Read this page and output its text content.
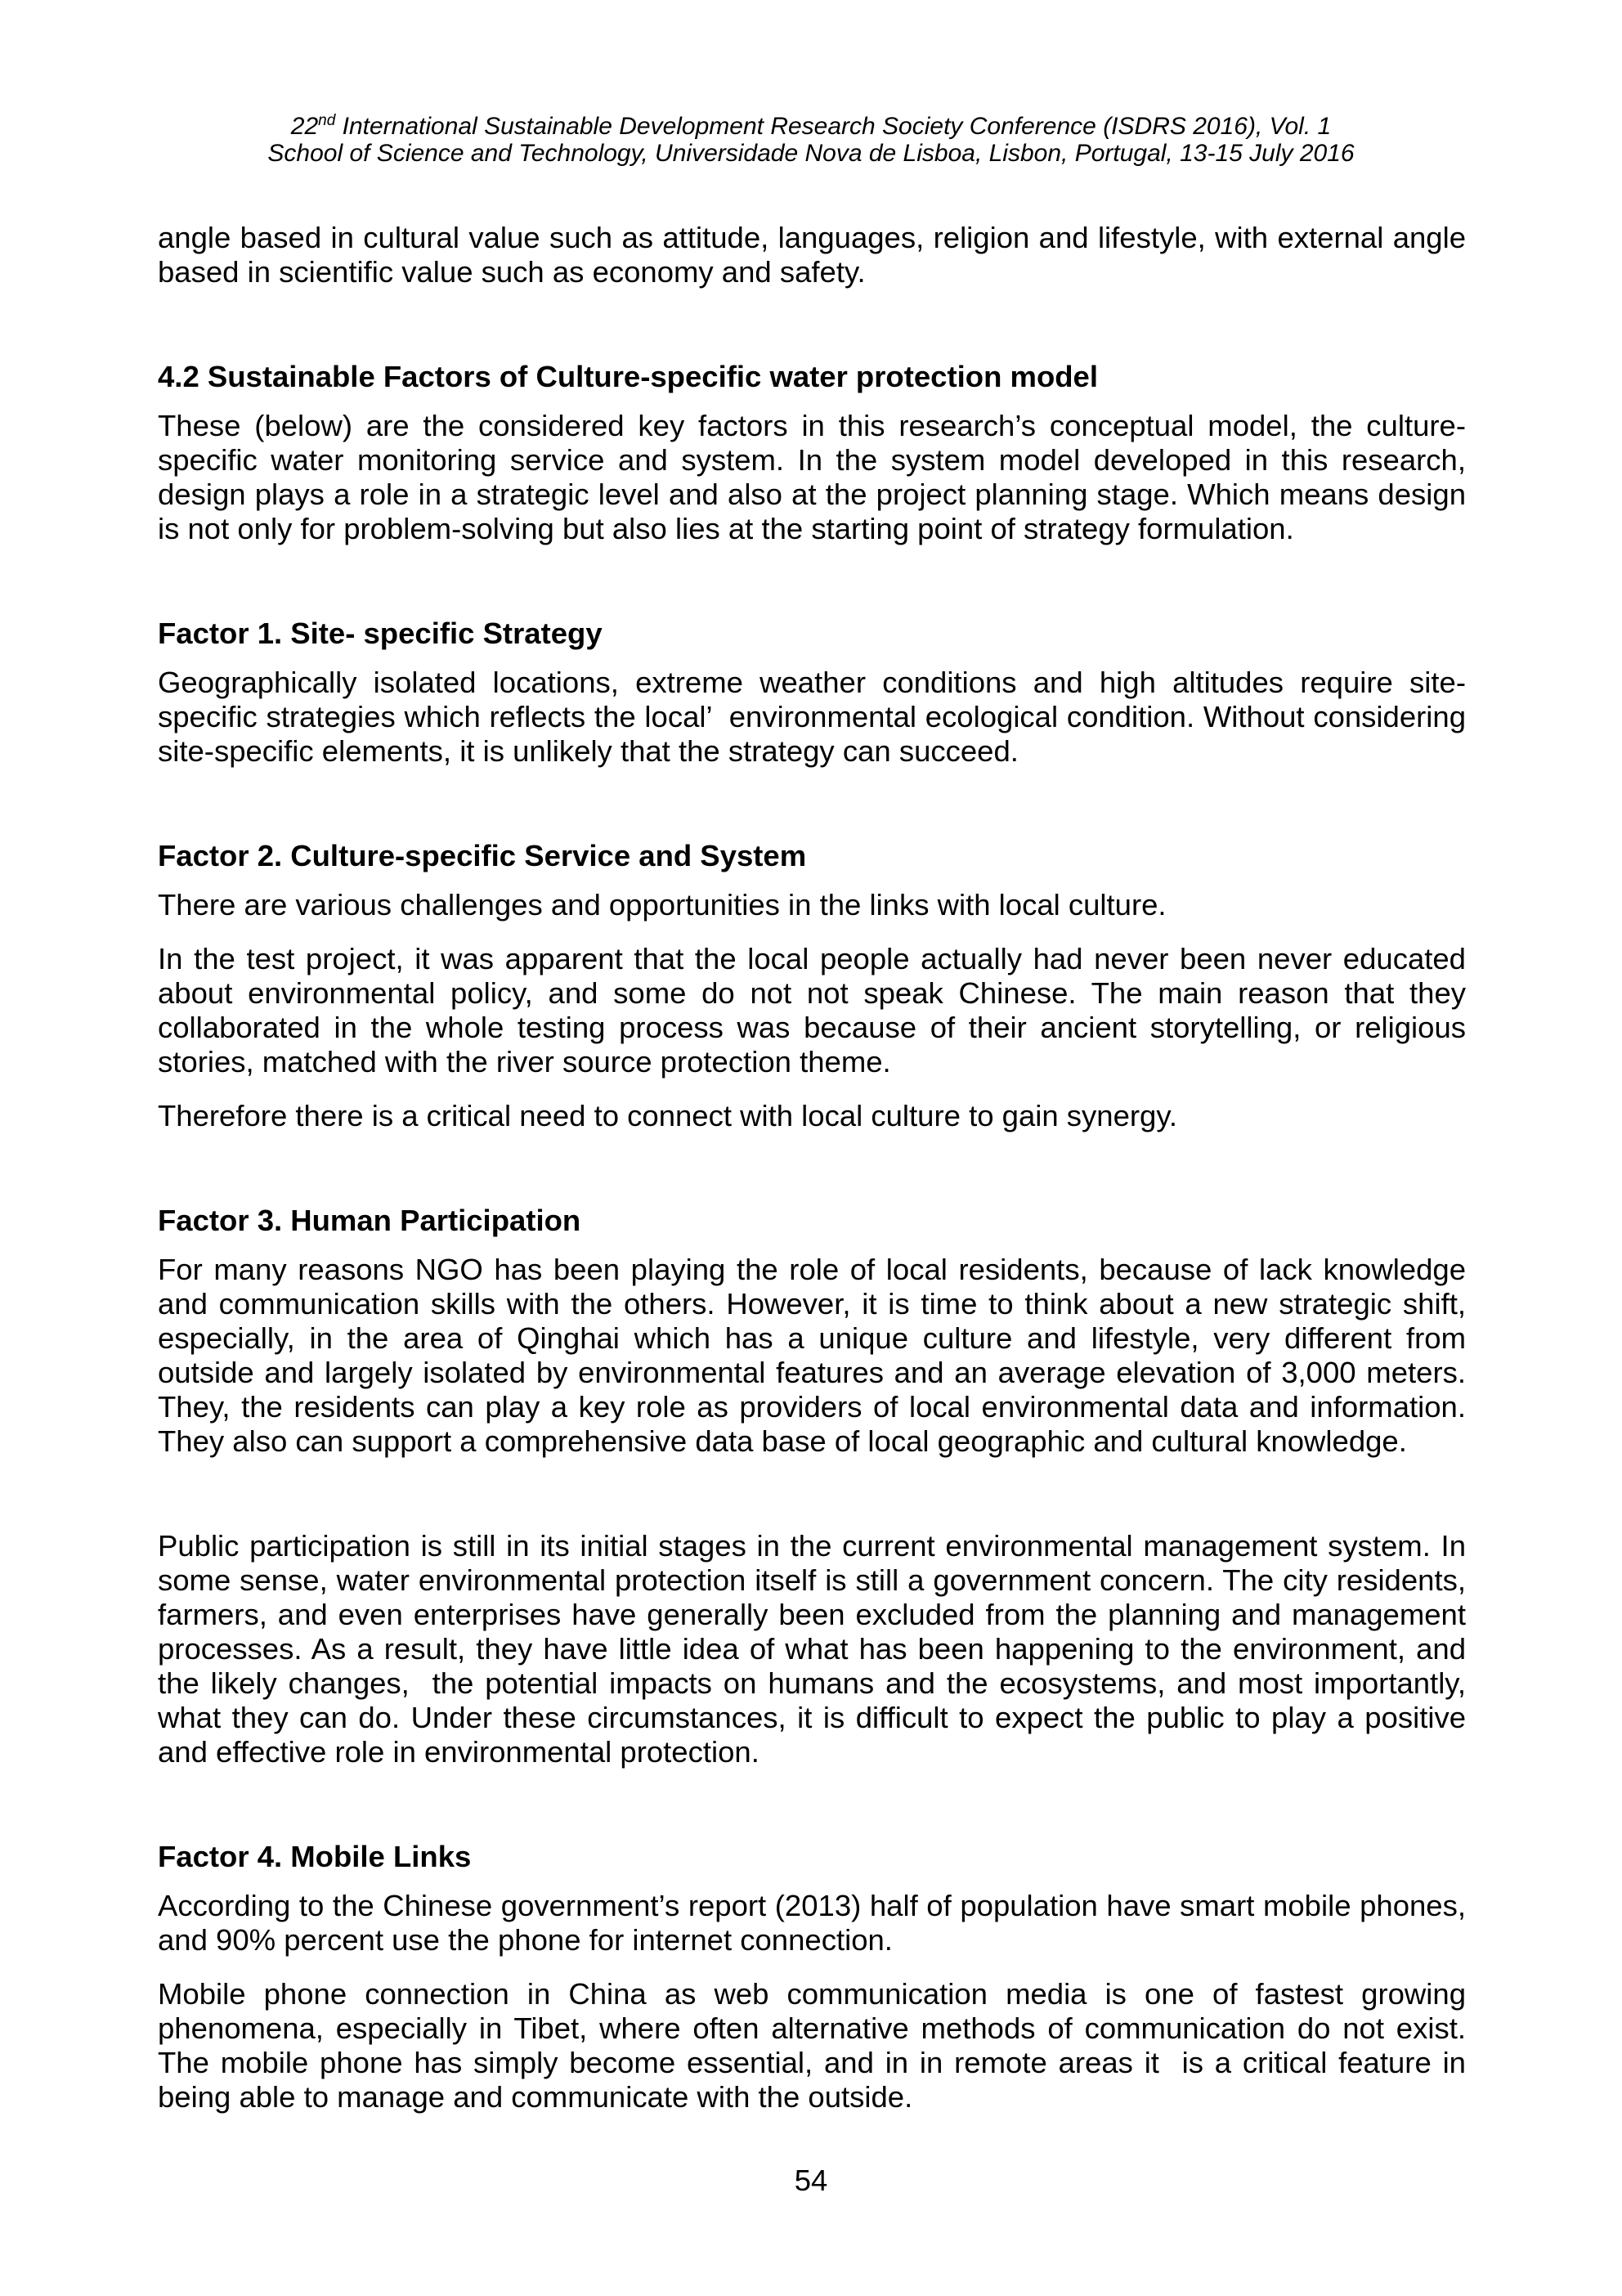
22nd International Sustainable Development Research Society Conference (ISDRS 2016), Vol. 1
School of Science and Technology, Universidade Nova de Lisboa, Lisbon, Portugal, 13-15 July 2016

angle based in cultural value such as attitude, languages, religion and lifestyle, with external angle based in scientific value such as economy and safety.

4.2 Sustainable Factors of Culture-specific water protection model

These (below) are the considered key factors in this research’s conceptual model, the culture-specific water monitoring service and system. In the system model developed in this research, design plays a role in a strategic level and also at the project planning stage. Which means design is not only for problem-solving but also lies at the starting point of strategy formulation.

Factor 1. Site- specific Strategy

Geographically isolated locations, extreme weather conditions and high altitudes require site-specific strategies which reflects the local’  environmental ecological condition. Without considering site-specific elements, it is unlikely that the strategy can succeed.

Factor 2. Culture-specific Service and System

There are various challenges and opportunities in the links with local culture.

In the test project, it was apparent that the local people actually had never been never educated about environmental policy, and some do not not speak Chinese. The main reason that they collaborated in the whole testing process was because of their ancient storytelling, or religious stories, matched with the river source protection theme.

Therefore there is a critical need to connect with local culture to gain synergy.

Factor 3. Human Participation

For many reasons NGO has been playing the role of local residents, because of lack knowledge and communication skills with the others. However, it is time to think about a new strategic shift, especially, in the area of Qinghai which has a unique culture and lifestyle, very different from outside and largely isolated by environmental features and an average elevation of 3,000 meters. They, the residents can play a key role as providers of local environmental data and information. They also can support a comprehensive data base of local geographic and cultural knowledge.

Public participation is still in its initial stages in the current environmental management system. In some sense, water environmental protection itself is still a government concern. The city residents, farmers, and even enterprises have generally been excluded from the planning and management processes. As a result, they have little idea of what has been happening to the environment, and the likely changes,  the potential impacts on humans and the ecosystems, and most importantly, what they can do. Under these circumstances, it is difficult to expect the public to play a positive and effective role in environmental protection.

Factor 4. Mobile Links

According to the Chinese government’s report (2013) half of population have smart mobile phones, and 90% percent use the phone for internet connection.

Mobile phone connection in China as web communication media is one of fastest growing phenomena, especially in Tibet, where often alternative methods of communication do not exist. The mobile phone has simply become essential, and in in remote areas it  is a critical feature in being able to manage and communicate with the outside.

54
